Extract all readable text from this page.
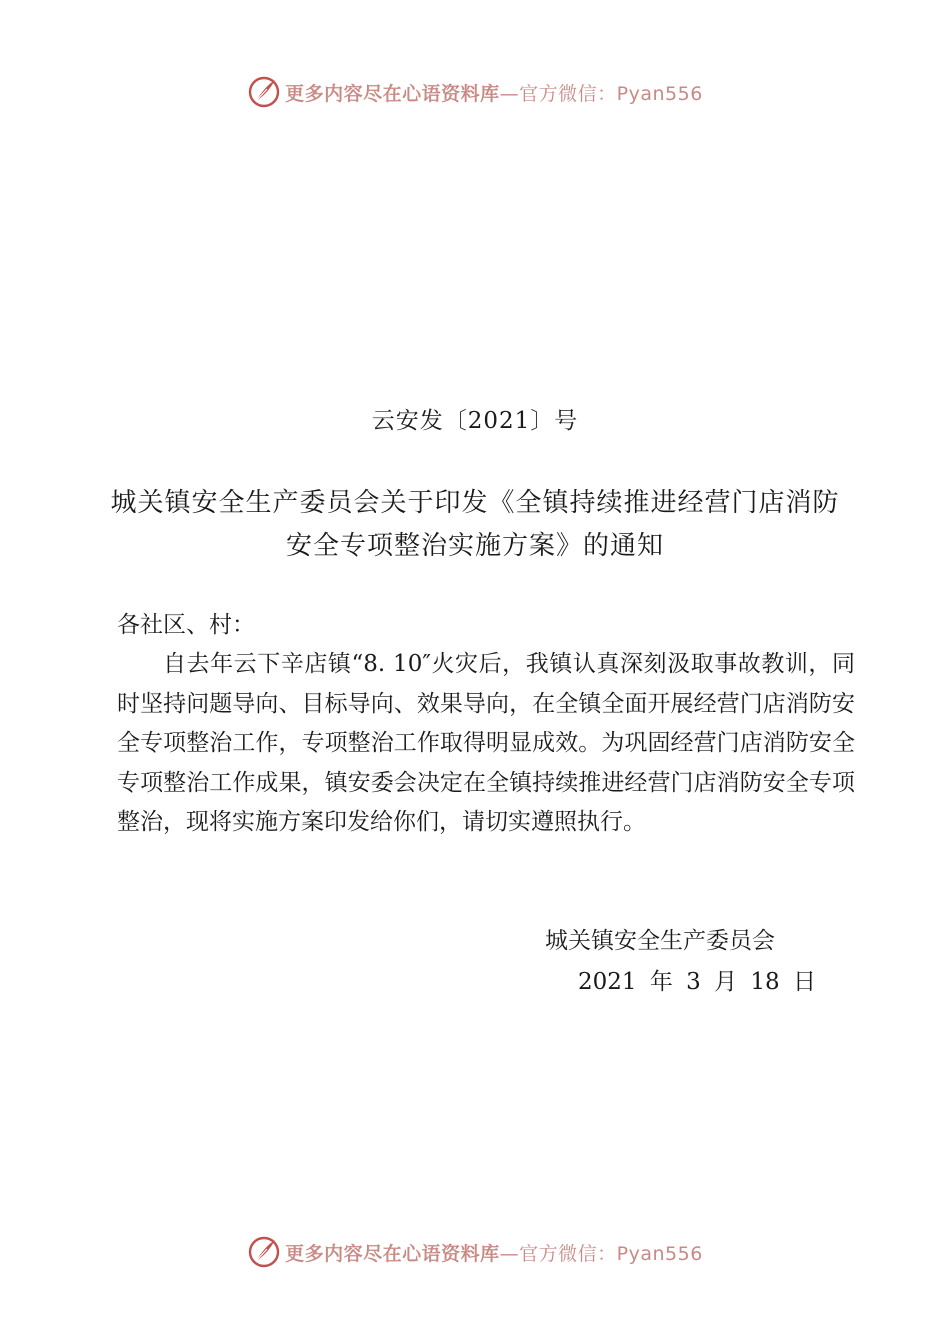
更多内容尽在心语资料库 —官方微信：Pyan556
云安发〔2021〕号
城关镇安全生产委员会关于印发《全镇持续推进经营门店消防安全专项整治实施方案》的通知
各社区、村：

自去年云下辛店镇“8. 10″火灾后，我镇认真深刻汲取事故教训，同时坚持问题导向、目标导向、效果导向，在全镇全面开展经营门店消防安全专项整治工作，专项整治工作取得明显成效。为巩固经营门店消防安全专项整治工作成果，镇安委会决定在全镇持续推进经营门店消防安全专项整治，现将实施方案印发给你们，请切实遵照执行。

城关镇安全生产委员会
2021 年 3 月 18 日
更多内容尽在心语资料库 —官方微信：Pyan556
